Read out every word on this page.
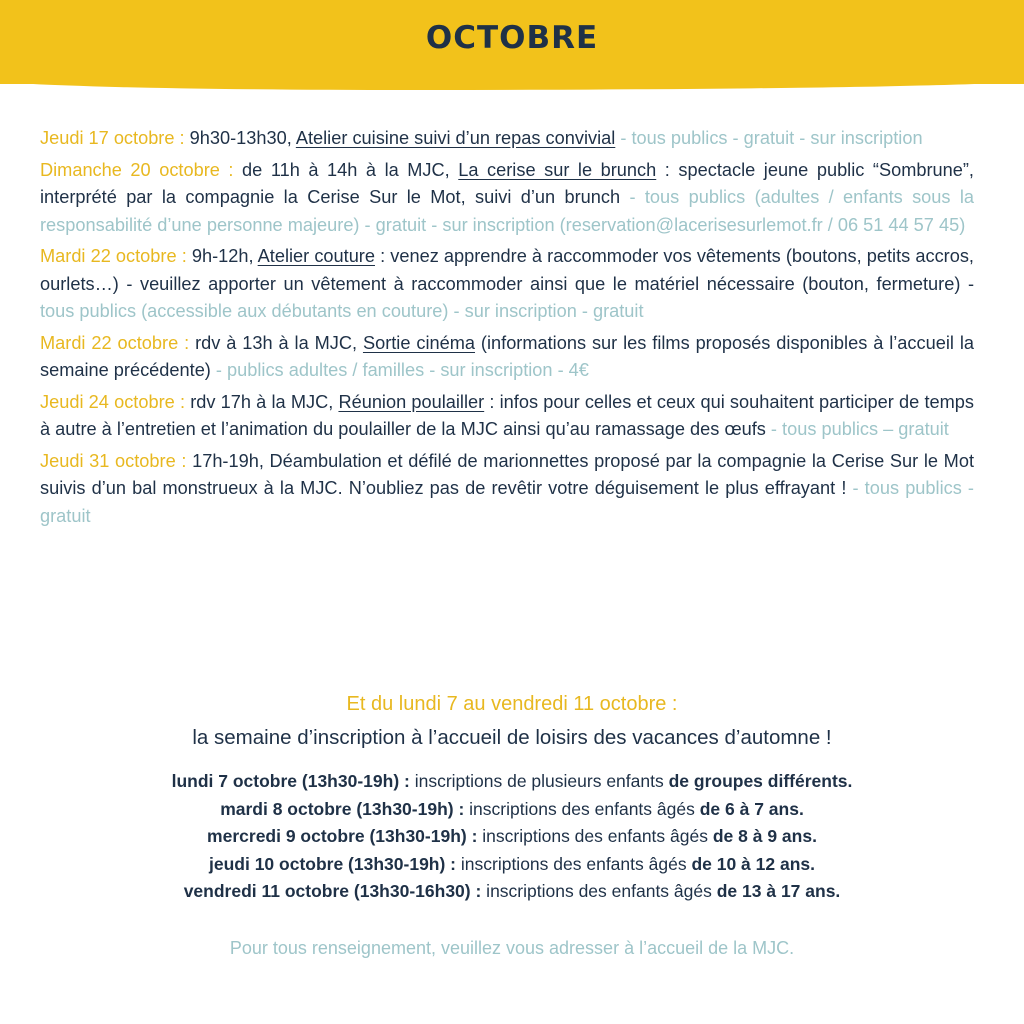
OCTOBRE

Jeudi 17 octobre : 9h30-13h30, Atelier cuisine suivi d’un repas convivial - tous publics - gratuit - sur inscription

Dimanche 20 octobre : de 11h à 14h à la MJC, La cerise sur le brunch : spectacle jeune public “Sombrune”, interprété par la compagnie la Cerise Sur le Mot, suivi d’un brunch - tous publics (adultes / enfants sous la responsabilité d’une personne majeure) - gratuit - sur inscription (reservation@lacerisesurlemot.fr / 06 51 44 57 45)

Mardi 22 octobre : 9h-12h, Atelier couture : venez apprendre à raccommoder vos vêtements (boutons, petits accros, ourlets…) - veuillez apporter un vêtement à raccommoder ainsi que le matériel nécessaire (bouton, fermeture) - tous publics (accessible aux débutants en couture) - sur inscription - gratuit

Mardi 22 octobre : rdv à 13h à la MJC, Sortie cinéma (informations sur les films proposés disponibles à l’accueil la semaine précédente) - publics adultes / familles - sur inscription - 4€

Jeudi 24 octobre : rdv 17h à la MJC, Réunion poulailler : infos pour celles et ceux qui souhaitent participer de temps à autre à l’entretien et l’animation du poulailler de la MJC ainsi qu’au ramassage des œufs - tous publics – gratuit

Jeudi 31 octobre : 17h-19h, Déambulation et défilé de marionnettes proposé par la compagnie la Cerise Sur le Mot suivis d’un bal monstrueux à la MJC. N’oubliez pas de revêtir votre déguisement le plus effrayant ! - tous publics - gratuit

Et du lundi 7 au vendredi 11 octobre :
la semaine d’inscription à l’accueil de loisirs des vacances d’automne !
lundi 7 octobre (13h30-19h) : inscriptions de plusieurs enfants de groupes différents.
mardi 8 octobre (13h30-19h) : inscriptions des enfants âgés de 6 à 7 ans.
mercredi 9 octobre (13h30-19h) : inscriptions des enfants âgés de 8 à 9 ans.
jeudi 10 octobre (13h30-19h) : inscriptions des enfants âgés de 10 à 12 ans.
vendredi 11 octobre (13h30-16h30) : inscriptions des enfants âgés de 13 à 17 ans.
Pour tous renseignement, veuillez vous adresser à l’accueil de la MJC.
